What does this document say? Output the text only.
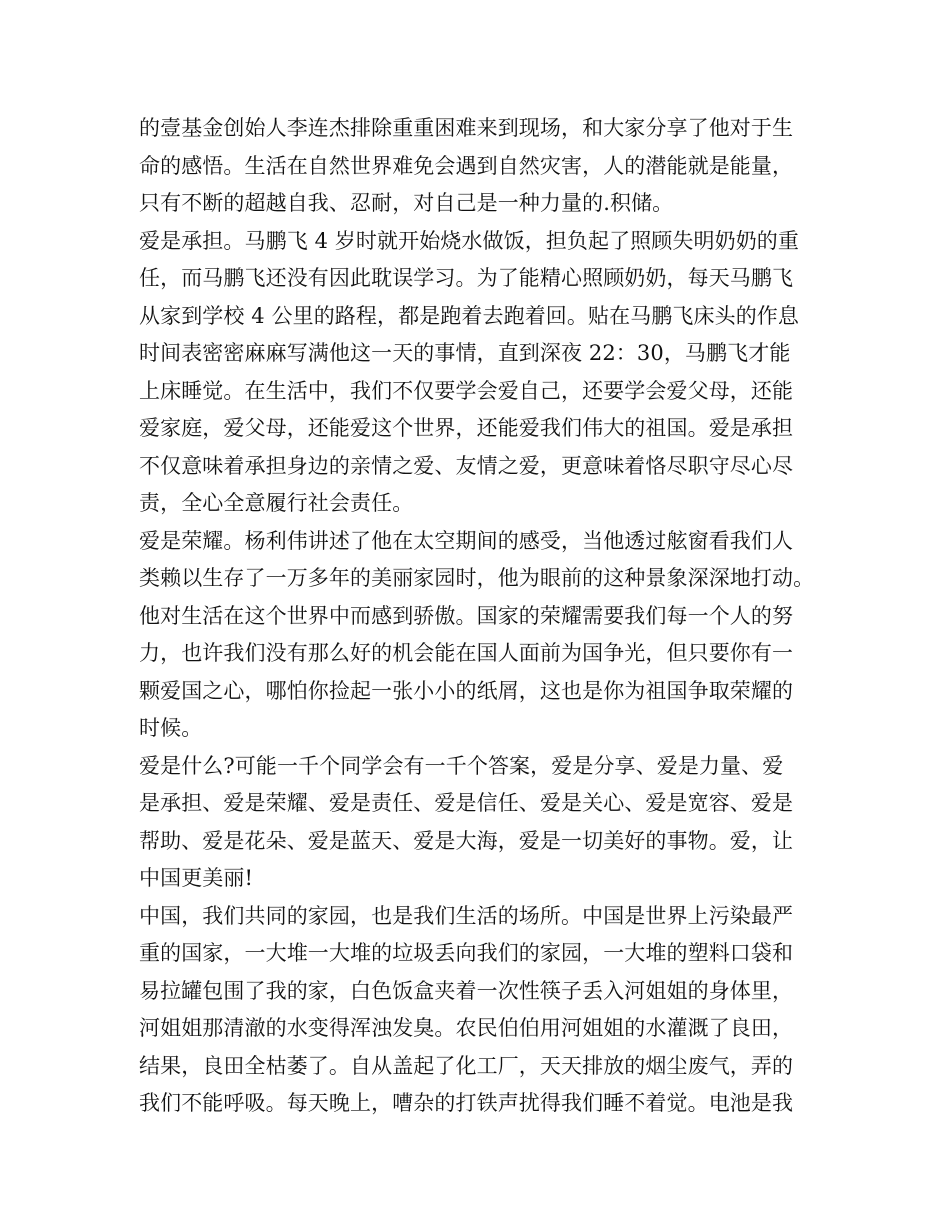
的壹基金创始人李连杰排除重重困难来到现场，和大家分享了他对于生
命的感悟。生活在自然世界难免会遇到自然灾害，人的潜能就是能量，
只有不断的超越自我、忍耐，对自己是一种力量的.积储。
爱是承担。马鹏飞 4 岁时就开始烧水做饭，担负起了照顾失明奶奶的重
任，而马鹏飞还没有因此耽误学习。为了能精心照顾奶奶，每天马鹏飞
从家到学校 4 公里的路程，都是跑着去跑着回。贴在马鹏飞床头的作息
时间表密密麻麻写满他这一天的事情，直到深夜 22：30，马鹏飞才能
上床睡觉。在生活中，我们不仅要学会爱自己，还要学会爱父母，还能
爱家庭，爱父母，还能爱这个世界，还能爱我们伟大的祖国。爱是承担
不仅意味着承担身边的亲情之爱、友情之爱，更意味着恪尽职守尽心尽
责，全心全意履行社会责任。
爱是荣耀。杨利伟讲述了他在太空期间的感受，当他透过舷窗看我们人
类赖以生存了一万多年的美丽家园时，他为眼前的这种景象深深地打动。
他对生活在这个世界中而感到骄傲。国家的荣耀需要我们每一个人的努
力，也许我们没有那么好的机会能在国人面前为国争光，但只要你有一
颗爱国之心，哪怕你捡起一张小小的纸屑，这也是你为祖国争取荣耀的
时候。
爱是什么?可能一千个同学会有一千个答案，爱是分享、爱是力量、爱
是承担、爱是荣耀、爱是责任、爱是信任、爱是关心、爱是宽容、爱是
帮助、爱是花朵、爱是蓝天、爱是大海，爱是一切美好的事物。爱，让
中国更美丽!
中国，我们共同的家园，也是我们生活的场所。中国是世界上污染最严
重的国家，一大堆一大堆的垃圾丢向我们的家园，一大堆的塑料口袋和
易拉罐包围了我的家，白色饭盒夹着一次性筷子丢入河姐姐的身体里，
河姐姐那清澈的水变得浑浊发臭。农民伯伯用河姐姐的水灌溉了良田，
结果，良田全枯萎了。自从盖起了化工厂，天天排放的烟尘废气，弄的
我们不能呼吸。每天晚上，嘈杂的打铁声扰得我们睡不着觉。电池是我
